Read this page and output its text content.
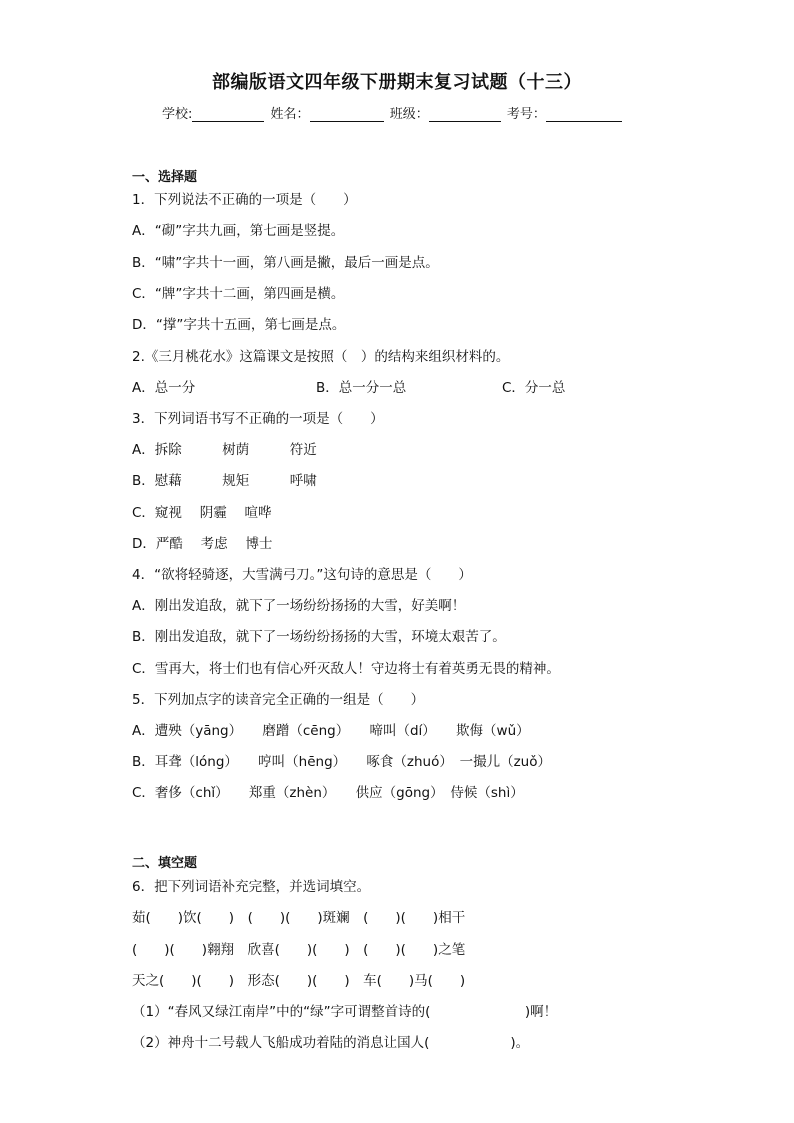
部编版语文四年级下册期末复习试题（十三）
学校:	姓名：	班级：	考号：
一、选择题
1．下列说法不正确的一项是（　　）
A．“砌”字共九画，第七画是竖提。
B．“啸”字共十一画，第八画是撇，最后一画是点。
C．“牌”字共十二画，第四画是横。
D．“撑”字共十五画，第七画是点。
2.《三月桃花水》这篇课文是按照（　）的结构来组织材料的。
A．总一分	B．总一分一总	C．分一总
3．下列词语书写不正确的一项是（　　）
A．拆除　　　树荫　　　符近
B．慰藉　　　规矩　　　呼啸
C．窥视　 阴霾　 喧哗
D．严酷　 考虑　 博士
4．“欲将轻骑逐，大雪满弓刀。”这句诗的意思是（　　）
A．刚出发追敌，就下了一场纷纷扬扬的大雪，好美啊！
B．刚出发追敌，就下了一场纷纷扬扬的大雪，环境太艰苦了。
C．雪再大，将士们也有信心歼灭敌人！守边将士有着英勇无畏的精神。
5．下列加点字的读音完全正确的一组是（　　）
A．遭殃（yāng）　　磨蹭（cēng）　　啼叫（dí）　　欺侮（wǔ）
B．耳聋（lóng）　　哼叫（hēng）　　啄食（zhuó）　一撮儿（zuǒ）
C．奢侈（chǐ）　　郑重（zhèn）　　供应（gōng）　侍候（shì）
二、填空题
6．把下列词语补充完整，并选词填空。
茹(　　)饮(　　)　(　　)(　　)斑斓　(　　)(　　)相干
(　　)(　　)翱翔　欣喜(　　)(　　)　(　　)(　　)之笔
天之(　　)(　　)　形态(　　)(　　)　车(　　)马(　　)
（1）“春风又绿江南岸”中的“绿”字可谓整首诗的(　　　　　　　)啊！
（2）神舟十二号载人飞船成功着陆的消息让国人(　　　　　　)。
